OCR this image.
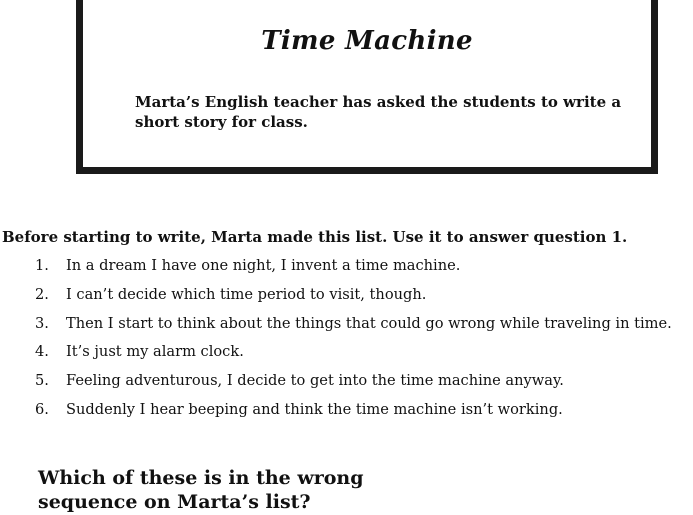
Time Machine
Marta’s English teacher has asked the students to write a short story for class.
Before starting to write, Marta made this list. Use it to answer question 1.
1. In a dream I have one night, I invent a time machine.
2. I can’t decide which time period to visit, though.
3. Then I start to think about the things that could go wrong while traveling in time.
4. It’s just my alarm clock.
5. Feeling adventurous, I decide to get into the time machine anyway.
6. Suddenly I hear beeping and think the time machine isn’t working.
Which of these is in the wrong
sequence on Marta’s list?
